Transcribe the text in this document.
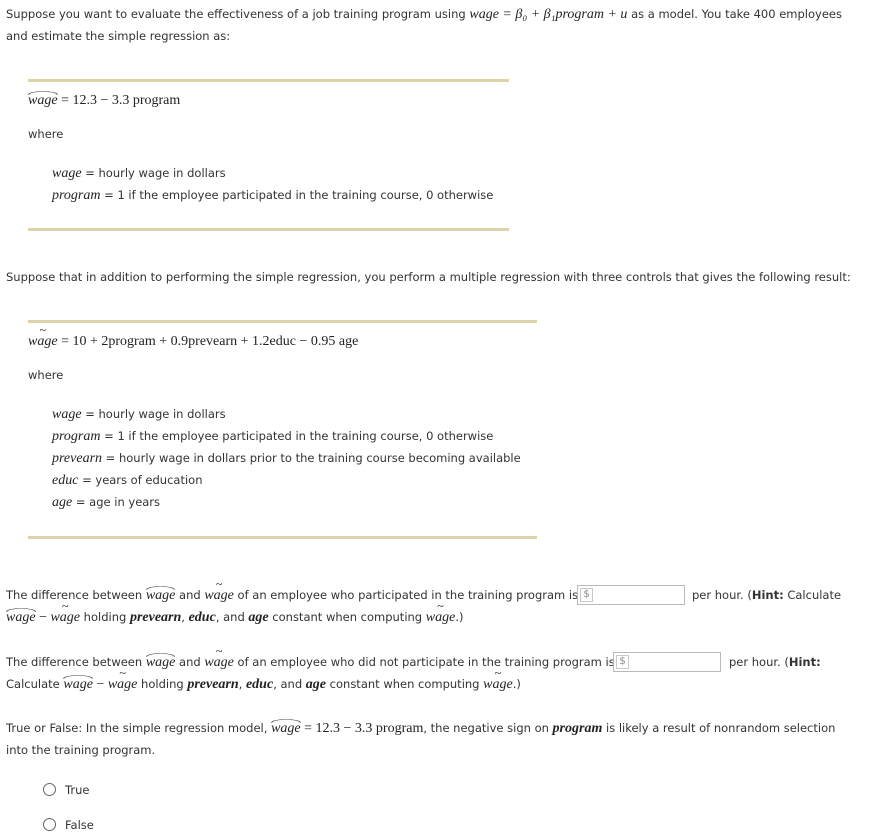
Suppose you want to evaluate the effectiveness of a job training program using wage = β₀ + β₁program + u as a model. You take 400 employees
and estimate the simple regression as:
wage = 12.3 − 3.3 program
where
wage = hourly wage in dollars
program = 1 if the employee participated in the training course, 0 otherwise
Suppose that in addition to performing the simple regression, you perform a multiple regression with three controls that gives the following result:
~ wage = 10 + 2program + 0.9prevearn + 1.2educ − 0.95 age
where
wage = hourly wage in dollars
program = 1 if the employee participated in the training course, 0 otherwise
prevearn = hourly wage in dollars prior to the training course becoming available
educ = years of education
age = age in years
The difference between wage and ~ wage of an employee who participated in the training program is $	per hour. (Hint: Calculate
wage − ~ wage holding prevearn, educ, and age constant when computing ~ wage.)
The difference between wage and ~ wage of an employee who did not participate in the training program is $	per hour. (Hint:
Calculate wage − ~ wage holding prevearn, educ, and age constant when computing ~ wage.)
True or False: In the simple regression model, wage = 12.3 − 3.3 program, the negative sign on program is likely a result of nonrandom selection
into the training program.
True
False
